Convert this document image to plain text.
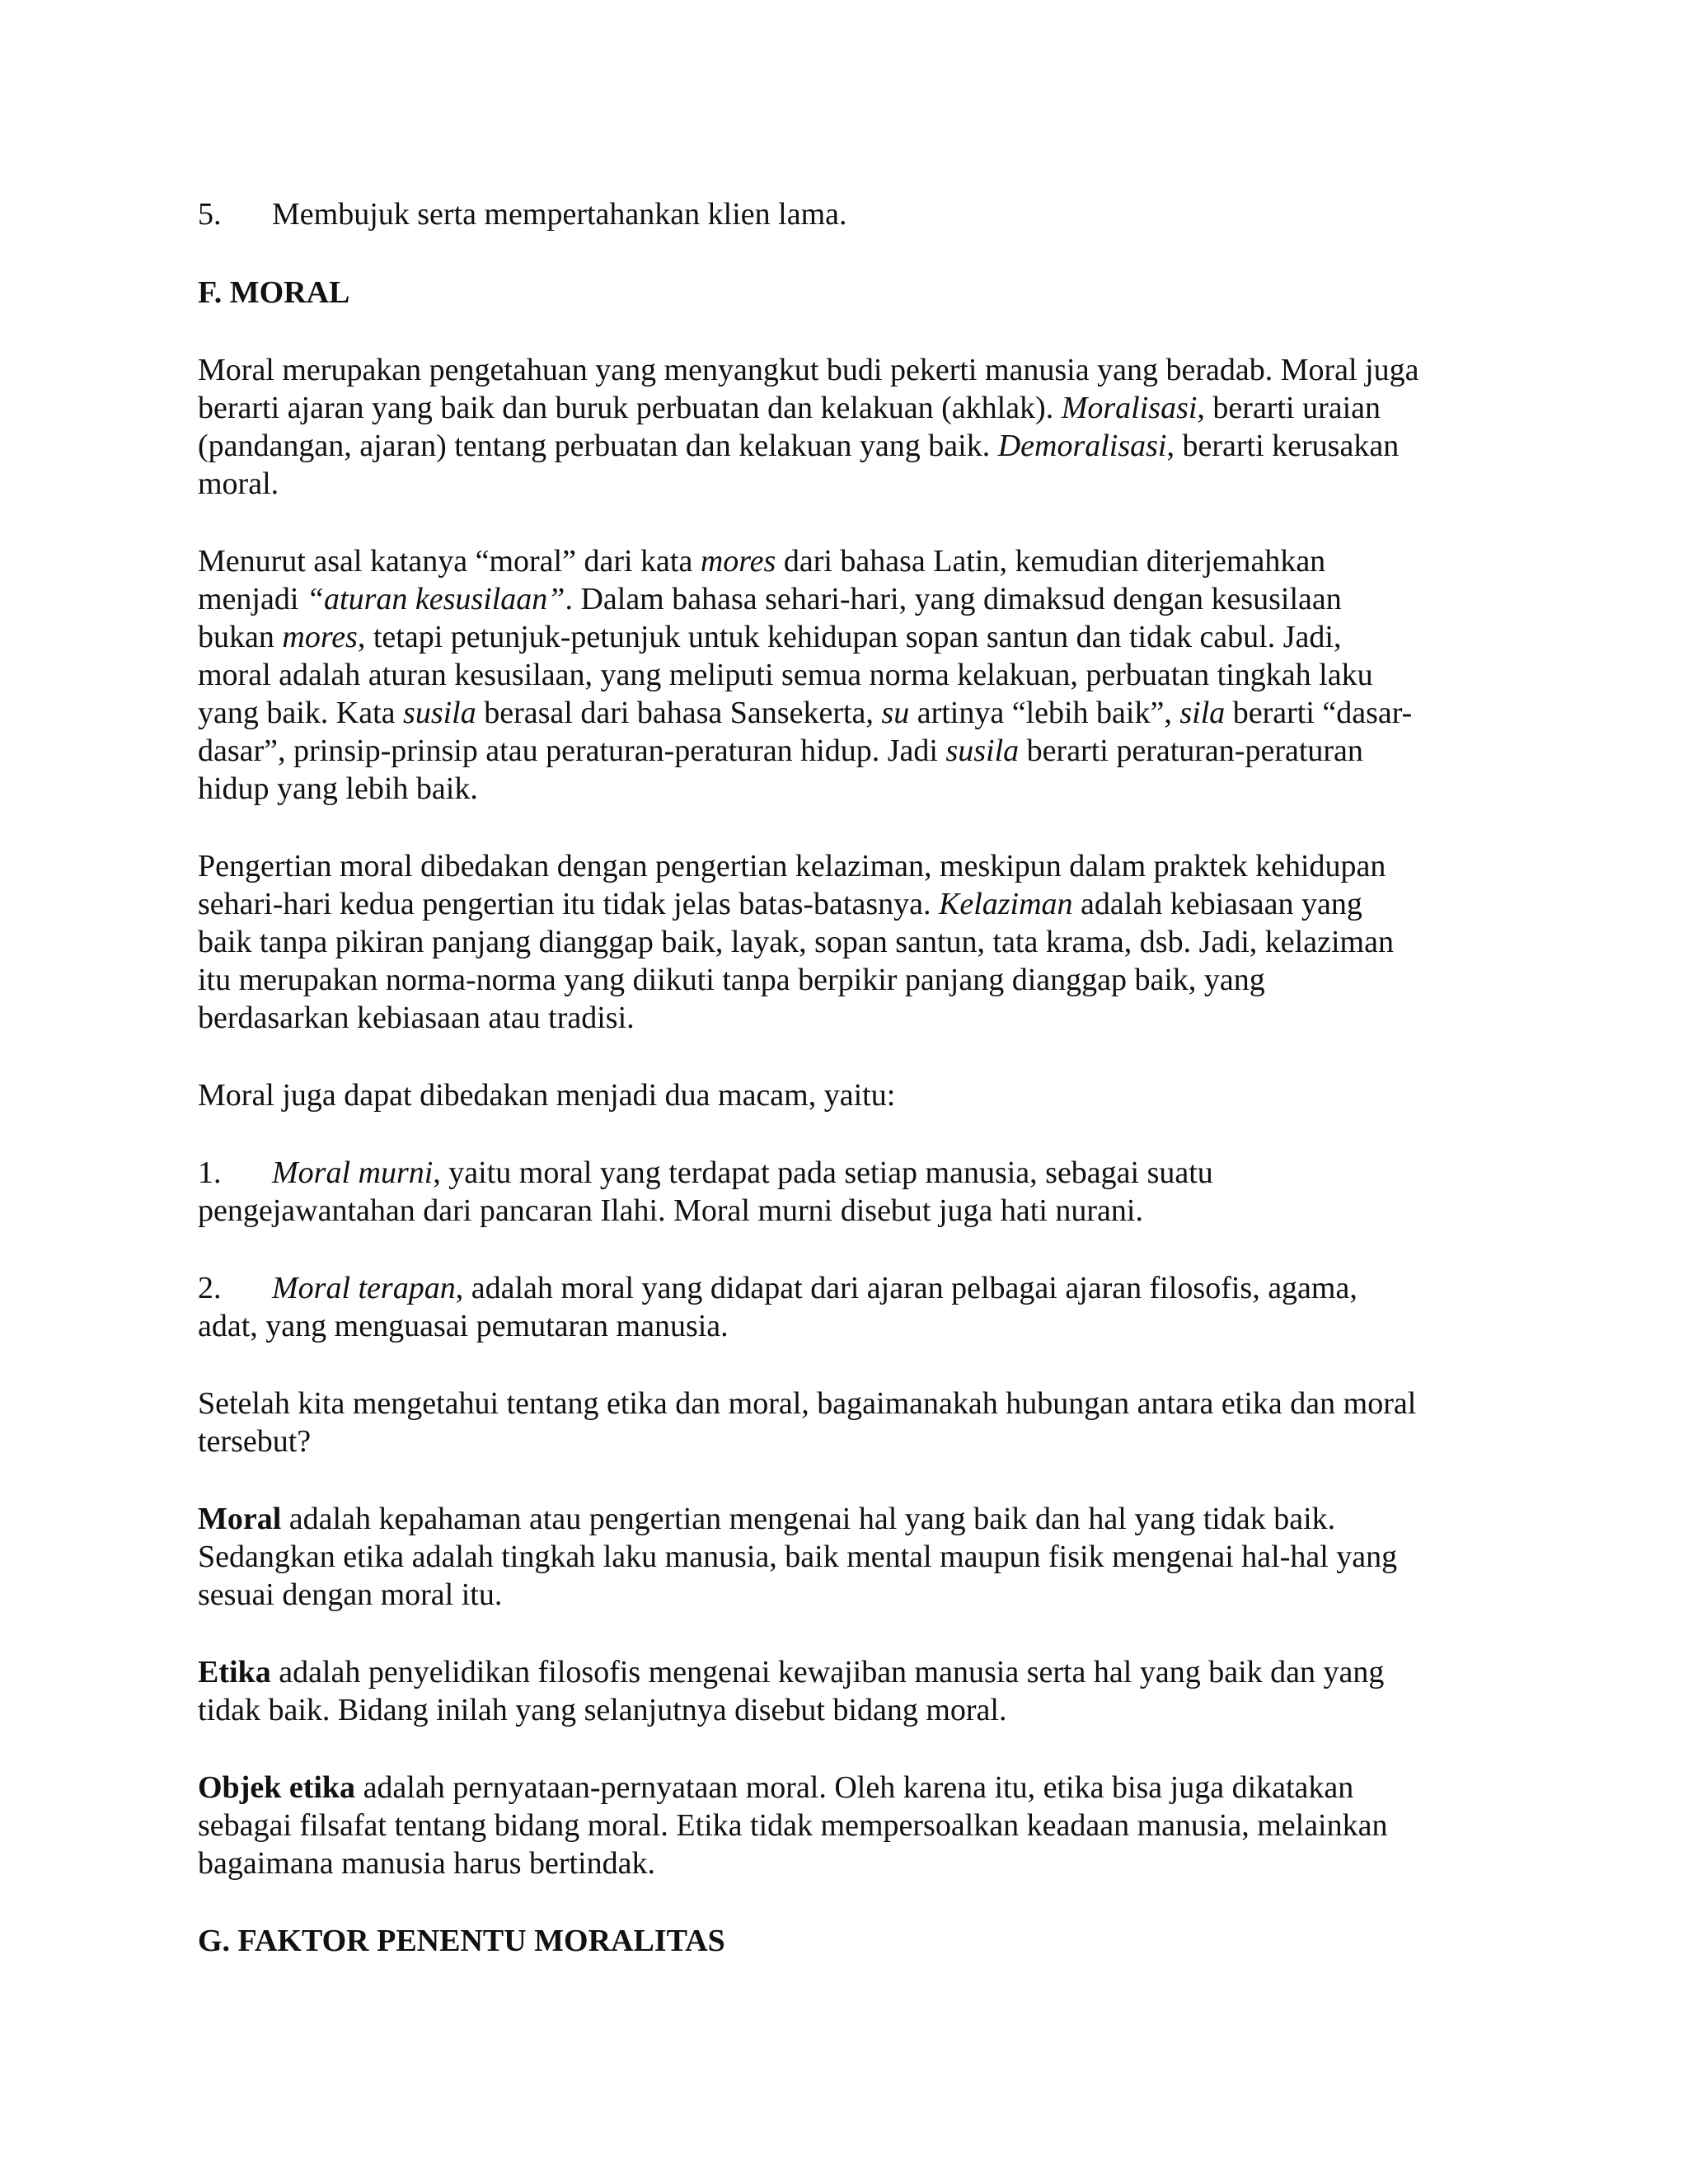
5. Membujuk serta mempertahankan klien lama.

F. MORAL

Moral merupakan pengetahuan yang menyangkut budi pekerti manusia yang beradab. Moral juga

berarti ajaran yang baik dan buruk perbuatan dan kelakuan (akhlak). Moralisasi, berarti uraian

(pandangan, ajaran) tentang perbuatan dan kelakuan yang baik. Demoralisasi, berarti kerusakan

moral.

Menurut asal katanya “moral” dari kata mores dari bahasa Latin, kemudian diterjemahkan

menjadi “aturan kesusilaan”. Dalam bahasa sehari-hari, yang dimaksud dengan kesusilaan

bukan mores, tetapi petunjuk-petunjuk untuk kehidupan sopan santun dan tidak cabul. Jadi,

moral adalah aturan kesusilaan, yang meliputi semua norma kelakuan, perbuatan tingkah laku

yang baik. Kata susila berasal dari bahasa Sansekerta, su artinya “lebih baik”, sila berarti “dasar-

dasar”, prinsip-prinsip atau peraturan-peraturan hidup. Jadi susila berarti peraturan-peraturan

hidup yang lebih baik.

Pengertian moral dibedakan dengan pengertian kelaziman, meskipun dalam praktek kehidupan

sehari-hari kedua pengertian itu tidak jelas batas-batasnya. Kelaziman adalah kebiasaan yang

baik tanpa pikiran panjang dianggap baik, layak, sopan santun, tata krama, dsb. Jadi, kelaziman

itu merupakan norma-norma yang diikuti tanpa berpikir panjang dianggap baik, yang

berdasarkan kebiasaan atau tradisi.

Moral juga dapat dibedakan menjadi dua macam, yaitu:

1. Moral murni, yaitu moral yang terdapat pada setiap manusia, sebagai suatu

pengejawantahan dari pancaran Ilahi. Moral murni disebut juga hati nurani.

2. Moral terapan, adalah moral yang didapat dari ajaran pelbagai ajaran filosofis, agama,

adat, yang menguasai pemutaran manusia.

Setelah kita mengetahui tentang etika dan moral, bagaimanakah hubungan antara etika dan moral

tersebut?

Moral adalah kepahaman atau pengertian mengenai hal yang baik dan hal yang tidak baik.

Sedangkan etika adalah tingkah laku manusia, baik mental maupun fisik mengenai hal-hal yang

sesuai dengan moral itu.

Etika adalah penyelidikan filosofis mengenai kewajiban manusia serta hal yang baik dan yang

tidak baik. Bidang inilah yang selanjutnya disebut bidang moral.

Objek etika adalah pernyataan-pernyataan moral. Oleh karena itu, etika bisa juga dikatakan

sebagai filsafat tentang bidang moral. Etika tidak mempersoalkan keadaan manusia, melainkan

bagaimana manusia harus bertindak.

G. FAKTOR PENENTU MORALITAS
